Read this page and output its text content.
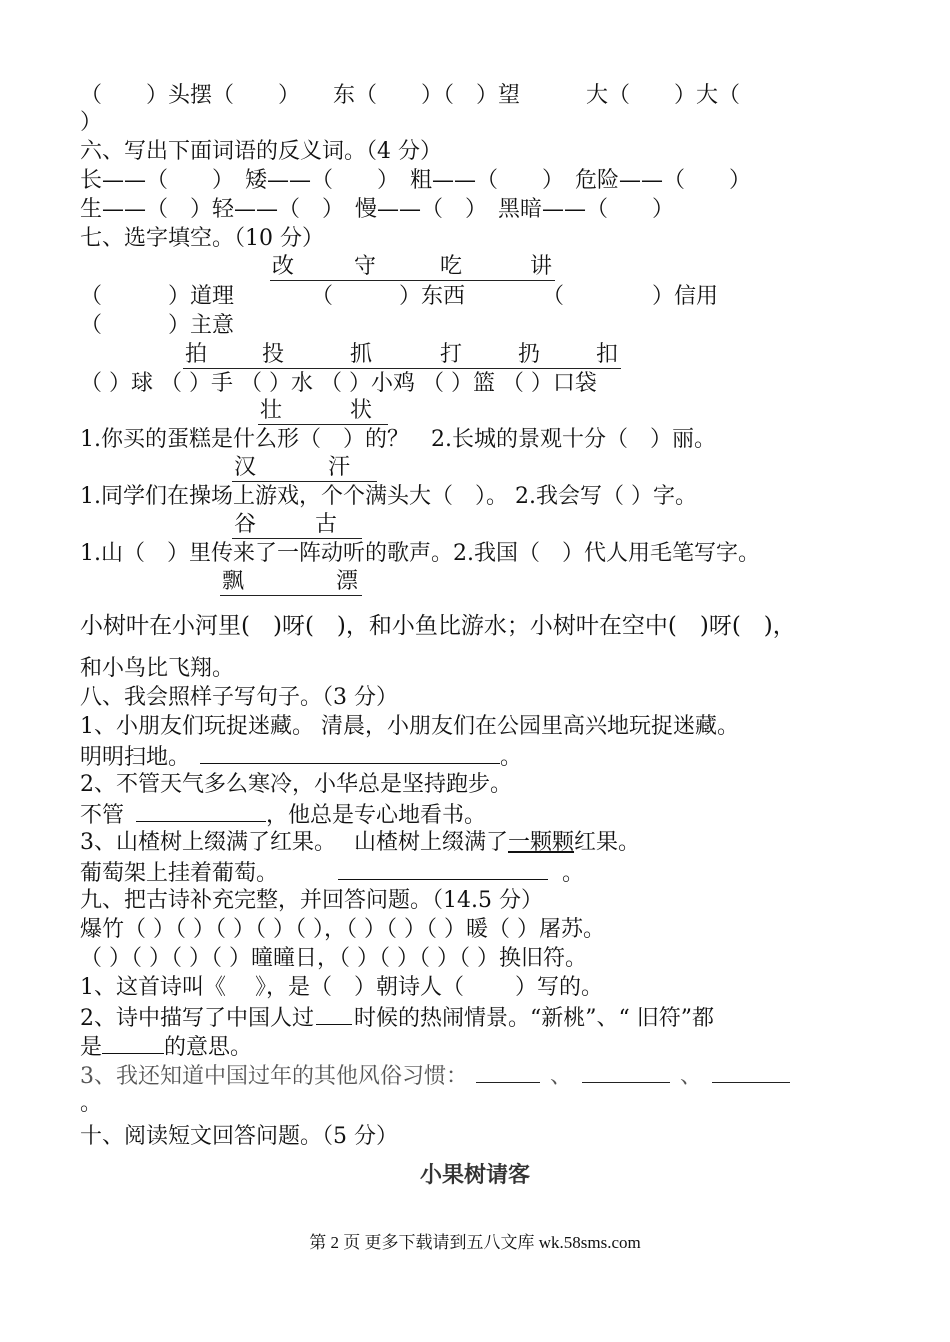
（　　）头摆（　　）　　东（　　）（　）望　　　大（　　）大（
）
六、写出下面词语的反义词。（4 分）
长——（　　）　矮——（　　）　粗——（　　）　危险——（　　）
生——（　）轻——（　）　慢——（　）　黑暗——（　　）
七、选字填空。（10 分）
改	守	吃	讲
（　　　）道理　　　　（　　　）东西　　　　（　　　　）信用
（　　　）主意
拍 投	抓	打	扔	扣
（ ）球 （ ）手 （ ）水 （ ）小鸡 （ ）篮 （ ）口袋
壮	状
1.你买的蛋糕是什么形（　）的？　2.长城的景观十分（　）丽。
汉	汗
1.同学们在操场上游戏，个个满头大（　）。 2.我会写（ ）字。
谷	古
1.山（　）里传来了一阵动听的歌声。2.我国（　）代人用毛笔写字。
飘	漂
小树叶在小河里(　)呀(　)，和小鱼比游水；小树叶在空中(　)呀(　)，
和小鸟比飞翔。
八、我会照样子写句子。（3 分）
1、小朋友们玩捉迷藏。 清晨，小朋友们在公园里高兴地玩捉迷藏。
明明扫地。	。
2、不管天气多么寒冷，小华总是坚持跑步。
不管	，他总是专心地看书。
3、山楂树上缀满了红果。　 山楂树上缀满了一颗颗红果。
葡萄架上挂着葡萄。	。
九、把古诗补充完整，并回答问题。（14.5 分）
爆竹（ ）（ ）（ ）（ ）（ ），（ ）（ ）（ ）暖（ ）屠苏。
（ ）（ ）（ ）（ ）曈曈日，（ ）（ ）（ ）（ ）换旧符。
1、这首诗叫《　 》，是（　）朝诗人（　　 ）写的。
2、诗中描写了中国人过 时候的热闹情景。“新桃”、“ 旧符”都
是	的意思。
3、我还知道中国过年的其他风俗习惯：	、	、
。
十、阅读短文回答问题。（5 分）
小果树请客
第 2 页 更多下载请到五八文库 wk.58sms.com
